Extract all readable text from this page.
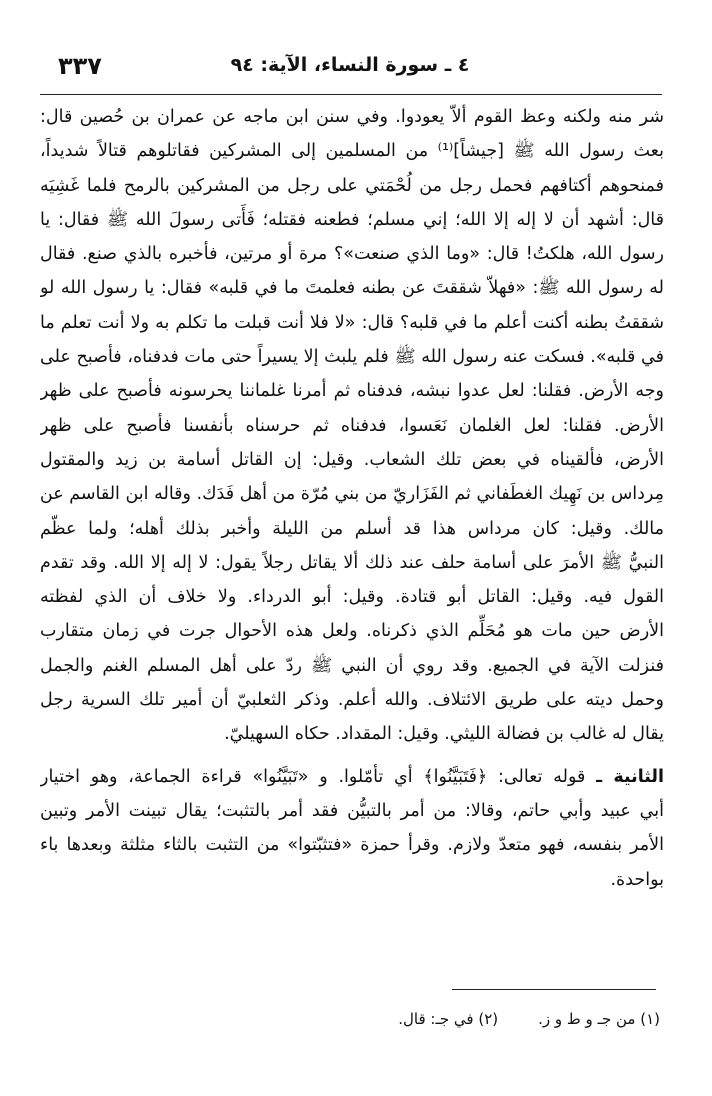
٣٣٧	٤ ـ سورة النساء، الآية: ٩٤
شر منه ولكنه وعظ القوم ألاّ يعودوا. وفي سنن ابن ماجه عن عمران بن حُصين قال:
بعث رسول الله ﷺ [جيشاً]⁽¹⁾ من المسلمين إلى المشركين فقاتلوهم قتالاً شديداً،
فمنحوهم أكتافهم فحمل رجل من لُحْمَتي على رجل من المشركين بالرمح فلما غَشِيَه
قال: أشهد أن لا إله إلا الله؛ إني مسلم؛ فطعنه فقتله؛ فَأَتى رسولَ الله ﷺ فقال: يا
رسول الله، هلكتُ! قال: «وما الذي صنعت»؟ مرة أو مرتين، فأخبره بالذي صنع. فقال
له رسول الله ﷺ: «فهلاّ شققتَ عن بطنه فعلمتَ ما في قلبه» فقال: يا رسول الله لو
شققتُ بطنه أكنت أعلم ما في قلبه؟ قال: «لا فلا أنت قبلت ما تكلم به ولا أنت تعلم ما
في قلبه». فسكت عنه رسول الله ﷺ فلم يلبث إلا يسيراً حتى مات فدفناه، فأصبح على
وجه الأرض. فقلنا: لعل عدوا نبشه، فدفناه ثم أمرنا غلماننا يحرسونه فأصبح على ظهر
الأرض. فقلنا: لعل الغلمان نَعَسوا، فدفناه ثم حرسناه بأنفسنا فأصبح على ظهر
الأرض، فألقيناه في بعض تلك الشعاب. وقيل: إن القاتل أسامة بن زيد والمقتول
مِرداس بن نَهِيك الغطَفاني ثم الفَزَاريّ من بني مُرّة من أهل فَدَك. وقاله ابن القاسم عن
مالك. وقيل: كان مرداس هذا قد أسلم من الليلة وأخبر بذلك أهله؛ ولما عظّم
النبيُّ ﷺ الأمرَ على أسامة حلف عند ذلك ألا يقاتل رجلاً يقول: لا إله إلا الله. وقد تقدم
القول فيه. وقيل: القاتل أبو قتادة. وقيل: أبو الدرداء. ولا خلاف أن الذي لفظته
الأرض حين مات هو مُحَلِّم الذي ذكرناه. ولعل هذه الأحوال جرت في زمان متقارب
فنزلت الآية في الجميع. وقد روي أن النبي ﷺ ردّ على أهل المسلم الغنم والجمل
وحمل ديته على طريق الائتلاف. والله أعلم. وذكر الثعلبيّ أن أمير تلك السرية رجل
يقال له غالب بن فضالة الليثي. وقيل: المقداد. حكاه السهيليّ.
الثانية ـ قوله تعالى: ﴿فَتَبَيَّنُوا﴾ أي تأمّلوا. و «تَبَيَّنُوا» قراءة الجماعة، وهو اختيار
أبي عبيد وأبي حاتم، وقالا: من أمر بالتبيُّن فقد أمر بالتثبت؛ يقال تبينت الأمر وتبين
الأمر بنفسه، فهو متعدّ ولازم. وقرأ حمزة «فتثبّتوا» من التثبت بالثاء مثلثة وبعدها باء
بواحدة.
(١) من جـ و ط و ز.(٢) في جـ: قال.
